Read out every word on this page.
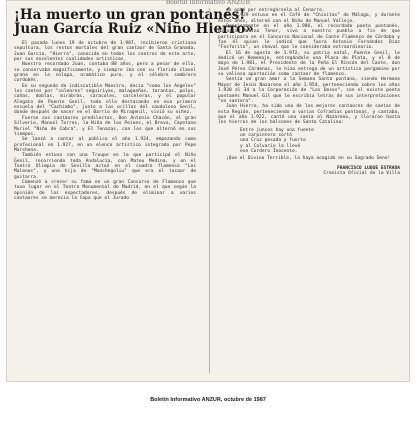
Boletín Informativo ANZUR
¡Ha muerto un gran pontanés! Juan García Ruiz «Niño Hierro»

El pasado lunes 19 de octubre de 1.987, recibieron cristiana sepultura, los restos mortales del gran cantaor de Santa Granada, Juan García, "Hierro", conocido en todos los centros de este arte, por sus excelentes cualidades artísticas.

Nuestro recordado Juan, contaba 88 años, pero a pesar de ello, se conservaba magníficamente, y siempre iba con su florido clavel grana en la solapa, aromático puro, y el célebre sombrero cordobés.

En su segundo de indiscutible Maestro, decía "como los Angeles" los cantes por "soleares" seguiriyas, malagueñas, tarantas, polos, cañas, doblas, mirabrás, caracoles, carceleras, y el popular Alegato de Puente Genil, todo ello destacando en esa primera escuela del "Cachimbo", junto a las orillas del caudaloso Genil, donde después de nacer en el Barrio de Miragenil, vivió su niñez.

Fueron sus cantaores predilectos, Don Antonio Chacón, el gran Silverio, Manuel Torres, la Niña de los Peines, el Brevo, Cayetano Muriel "Niño de Cabra", y El Tenazas, con los que alternó en sus tiempos.

Se lanzó a cantar al público el año 1.924, empezando como profesional en 1.927, en un elenco artístico integrado por Pepe Marchena.

También estuvo con una Troupe en la que participó el Niño Genil, recorriendo toda Andalucía, con Mateu Medina, y en el Teatro Olimpia de Sevilla actuó en el cuadro flamenco "Los Malenos", y una hija de "Manchegoliu" que era el tocaor de guitarra.

Comenzó a crecer su fama en un gran Concurso de Flamenco que tuvo lugar en el Teatro Monumental de Madrid, en el que según la opinión de los espectadores, después de eliminar a varios cantaores se merecía la Copa que el Jurado

do optó por entregársela al Cenarro.

En 1.929 estuvo en el Café de "Chinitas" de Málaga, y durante estos años, alternó con el Niño de Manuel Vallejo.

Precisamente en el año 1.986, el recordado poeta pontanés, Ricardo Molina Tenor, vivo a nuestro pueblo a fin de que participara en el Concurso Nacional de Cante Flamenco de Córdoba y fue él quien le indicó que fuera Antonio Fernández Díaz "Fosforito", un chaval que le consideraba extraordinario.

El 16 de agosto de 1.972, su patria natal, Puente Genil, le dedicó un Homenaje, entregándole una Placa de Plata, y el 8 de mayo de 1.981, el Presidente de la Peña El Rincón del Cante, don José Pérez Cárdenas, le hizo entrega de un artístico pergamino por su valiosa aportación como cantaor de flamenco.

Sentía un gran amor a la Semana Santa pontana, siendo Hermano Mayor de Jesús Nazareno el año 1.954, perteneciendo sobre los años 1.930 al 34 a la Corporación de "Los Doses", con el existe poeta pontanés Manuel Gil que le escribía letras de sus interpretaciones "en saetera".

Juan Hierro, ha sido uno de los mejores cantaores de saetas de esta Región, perteneciendo a varias Cofradías pontanas, y cantaba, que el año 1.922, cantó una saeta al Nazareno, y lloraron hasta los hierros de los balcones de Santa Catalina:

Entre juncos hay una fuente
un carpintero cortó
una Cruz pesada y fuerte
y al Calvario la llevó
ese Cordero Inocente.

¡Que el Divino Terrible, la haya acogido en su Sagrado Seno!

FRANCISCO LUQUE ESTRADA
Cronista Oficial de la Villa
Boletín Informativo ANZUR, octubre de 1987
